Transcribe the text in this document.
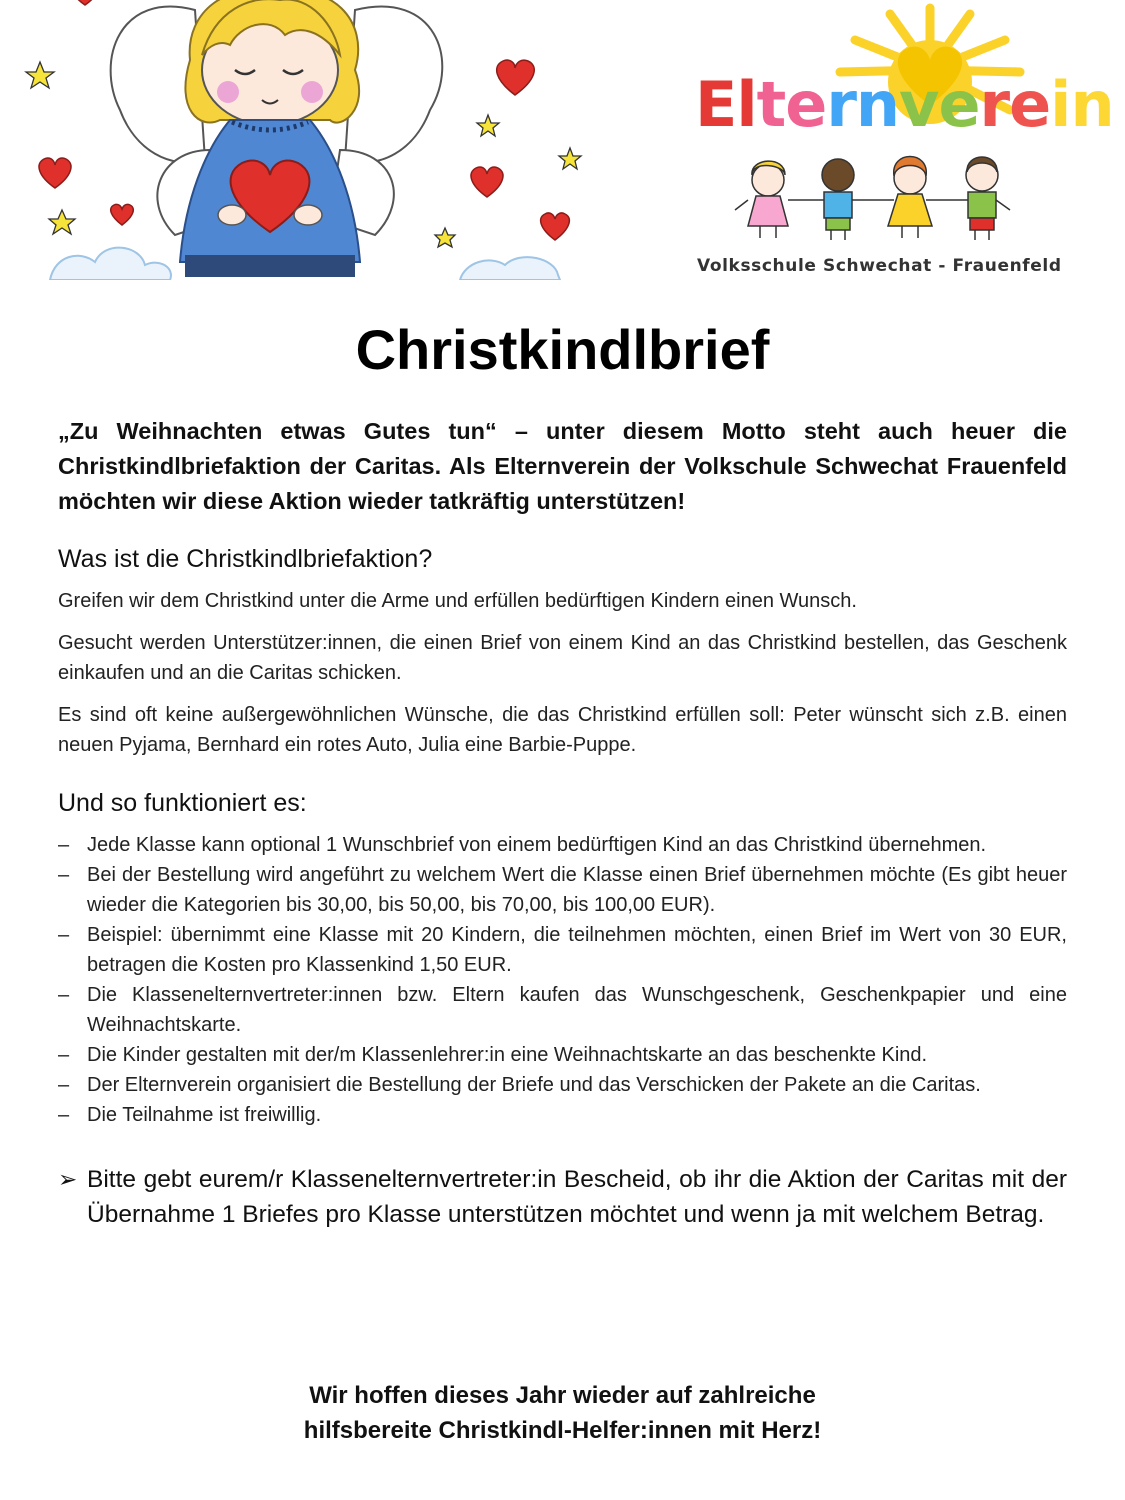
Elternverein
Volksschule Schwechat - Frauenfeld
Christkindlbrief

„Zu Weihnachten etwas Gutes tun“ – unter diesem Motto steht auch heuer die Christkindlbriefaktion der Caritas. Als Elternverein der Volkschule Schwechat Frauenfeld möchten wir diese Aktion wieder tatkräftig unterstützen!

Was ist die Christkindlbriefaktion?

Greifen wir dem Christkind unter die Arme und erfüllen bedürftigen Kindern einen Wunsch.

Gesucht werden Unterstützer:innen, die einen Brief von einem Kind an das Christkind bestellen, das Geschenk einkaufen und an die Caritas schicken.

Es sind oft keine außergewöhnlichen Wünsche, die das Christkind erfüllen soll: Peter wünscht sich z.B. einen neuen Pyjama, Bernhard ein rotes Auto, Julia eine Barbie-Puppe.

Und so funktioniert es:
– Jede Klasse kann optional 1 Wunschbrief von einem bedürftigen Kind an das Christkind übernehmen.
– Bei der Bestellung wird angeführt zu welchem Wert die Klasse einen Brief übernehmen möchte (Es gibt heuer wieder die Kategorien bis 30,00, bis 50,00, bis 70,00, bis 100,00 EUR).
– Beispiel: übernimmt eine Klasse mit 20 Kindern, die teilnehmen möchten, einen Brief im Wert von 30 EUR, betragen die Kosten pro Klassenkind 1,50 EUR.
– Die Klassenelternvertreter:innen bzw. Eltern kaufen das Wunschgeschenk, Geschenkpapier und eine Weihnachtskarte.
– Die Kinder gestalten mit der/m Klassenlehrer:in eine Weihnachtskarte an das beschenkte Kind.
– Der Elternverein organisiert die Bestellung der Briefe und das Verschicken der Pakete an die Caritas.
– Die Teilnahme ist freiwillig.
➢ Bitte gebt eurem/r Klassenelternvertreter:in Bescheid, ob ihr die Aktion der Caritas mit der Übernahme 1 Briefes pro Klasse unterstützen möchtet und wenn ja mit welchem Betrag.
Wir hoffen dieses Jahr wieder auf zahlreiche
hilfsbereite Christkindl-Helfer:innen mit Herz!
